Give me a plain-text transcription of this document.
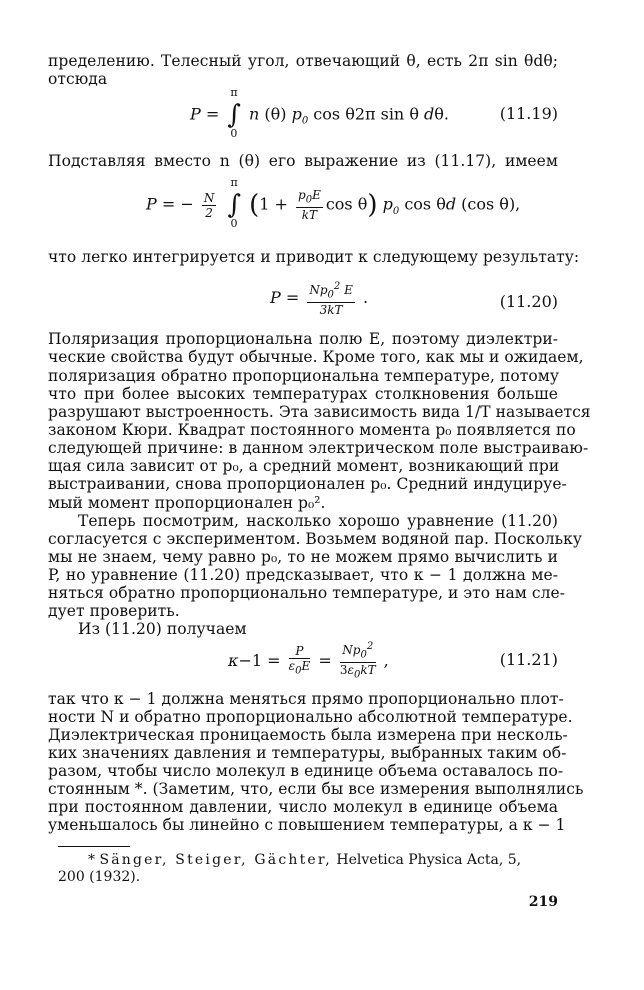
пределению. Телесный угол, отвечающий θ, есть 2π sin θdθ;
отсюда
P =
π
∫
0
n (θ) $p_0$ cos θ2π sin θ dθ.	(11.19)
Подставляя вместо n (θ) его выражение из (11.17), имеем
P = − $\frac{N}{2}$

π
∫
0
($1 + \frac{p_0E}{kT}$ cos θ) $p_0$ cos θd (cos θ),
что легко интегрируется и приводит к следующему результату:
$P = \frac{Np_0^2 E}{3kT}$ .	(11.20)
Поляризация пропорциональна полю E, поэтому диэлектри-
ческие свойства будут обычные. Кроме того, как мы и ожидаем,
поляризация обратно пропорциональна температуре, потому
что при более высоких температурах столкновения больше
разрушают выстроенность. Эта зависимость вида 1/T называется
законом Кюри. Квадрат постоянного момента p₀ появляется по
следующей причине: в данном электрическом поле выстраиваю-
щая сила зависит от p₀, а средний момент, возникающий при
выстраивании, снова пропорционален p₀. Средний индуцируе-
мый момент пропорционален p₀².
Теперь посмотрим, насколько хорошо уравнение (11.20)
согласуется с экспериментом. Возьмем водяной пар. Поскольку
мы не знаем, чему равно p₀, то не можем прямо вычислить и
P, но уравнение (11.20) предсказывает, что κ − 1 должна ме-
няться обратно пропорционально температуре, и это нам сле-
дует проверить.
Из (11.20) получаем
$\kappa-1 = \frac{P}{\varepsilon_0E} = \frac{Np_0^2}{3\varepsilon_0kT}$ ,	(11.21)
так что κ − 1 должна меняться прямо пропорционально плот-
ности N и обратно пропорционально абсолютной температуре.
Диэлектрическая проницаемость была измерена при несколь-
ких значениях давления и температуры, выбранных таким об-
разом, чтобы число молекул в единице объема оставалось по-
стоянным *. (Заметим, что, если бы все измерения выполнялись
при постоянном давлении, число молекул в единице объема
уменьшалось бы линейно с повышением температуры, а κ − 1
* Sänger, Steiger, Gächter, Helvetica Physica Acta, 5,
200 (1932).
219
